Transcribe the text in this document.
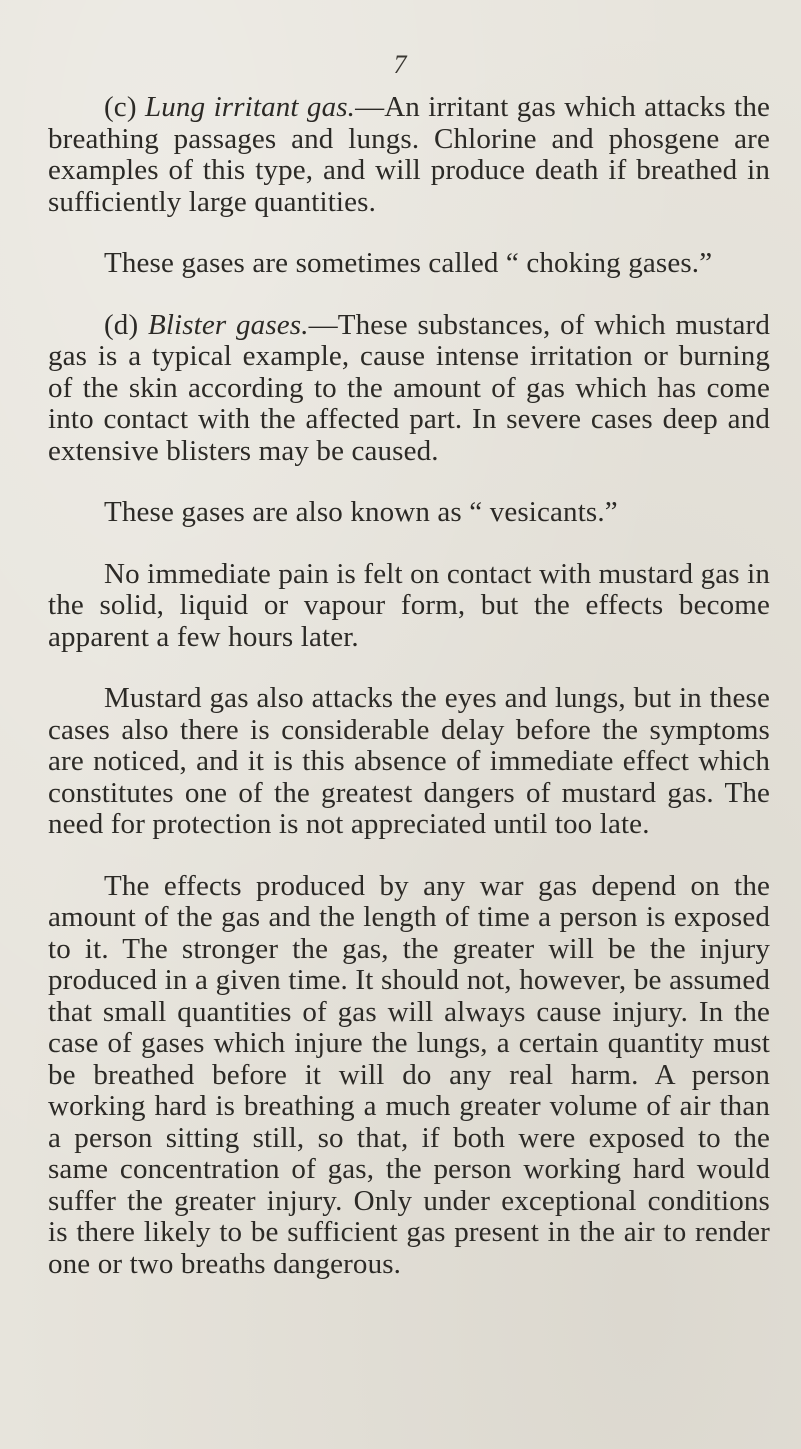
7

(c) Lung irritant gas.—An irritant gas which attacks the breathing passages and lungs. Chlorine and phosgene are examples of this type, and will produce death if breathed in sufficiently large quantities.

These gases are sometimes called “ choking gases.”

(d) Blister gases.—These substances, of which mustard gas is a typical example, cause intense irritation or burning of the skin according to the amount of gas which has come into contact with the affected part. In severe cases deep and extensive blisters may be caused.

These gases are also known as “ vesicants.”

No immediate pain is felt on contact with mustard gas in the solid, liquid or vapour form, but the effects become apparent a few hours later.

Mustard gas also attacks the eyes and lungs, but in these cases also there is considerable delay before the symptoms are noticed, and it is this absence of immediate effect which constitutes one of the greatest dangers of mustard gas. The need for protection is not appreciated until too late.

The effects produced by any war gas depend on the amount of the gas and the length of time a person is exposed to it. The stronger the gas, the greater will be the injury produced in a given time. It should not, however, be assumed that small quantities of gas will always cause injury. In the case of gases which injure the lungs, a certain quantity must be breathed before it will do any real harm. A person working hard is breathing a much greater volume of air than a person sitting still, so that, if both were exposed to the same concentration of gas, the person working hard would suffer the greater injury. Only under exceptional conditions is there likely to be sufficient gas present in the air to render one or two breaths dangerous.
